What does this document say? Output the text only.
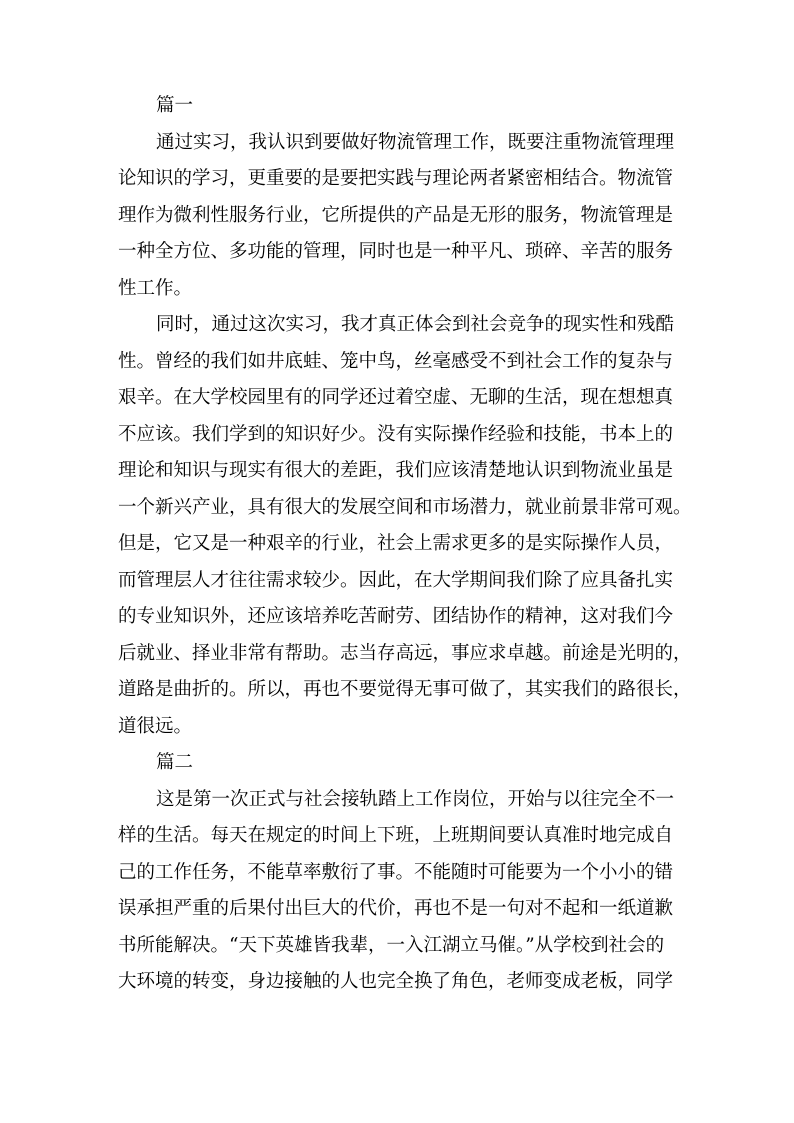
篇一

通过实习，我认识到要做好物流管理工作，既要注重物流管理理
论知识的学习，更重要的是要把实践与理论两者紧密相结合。物流管
理作为微利性服务行业，它所提供的产品是无形的服务，物流管理是
一种全方位、多功能的管理，同时也是一种平凡、琐碎、辛苦的服务
性工作。

同时，通过这次实习，我才真正体会到社会竞争的现实性和残酷
性。曾经的我们如井底蛙、笼中鸟，丝毫感受不到社会工作的复杂与
艰辛。在大学校园里有的同学还过着空虚、无聊的生活，现在想想真
不应该。我们学到的知识好少。没有实际操作经验和技能，书本上的
理论和知识与现实有很大的差距，我们应该清楚地认识到物流业虽是
一个新兴产业，具有很大的发展空间和市场潜力，就业前景非常可观。
但是，它又是一种艰辛的行业，社会上需求更多的是实际操作人员，
而管理层人才往往需求较少。因此，在大学期间我们除了应具备扎实
的专业知识外，还应该培养吃苦耐劳、团结协作的精神，这对我们今
后就业、择业非常有帮助。志当存高远，事应求卓越。前途是光明的，
道路是曲折的。所以，再也不要觉得无事可做了，其实我们的路很长，
道很远。

篇二

这是第一次正式与社会接轨踏上工作岗位，开始与以往完全不一
样的生活。每天在规定的时间上下班，上班期间要认真准时地完成自
己的工作任务，不能草率敷衍了事。不能随时可能要为一个小小的错
误承担严重的后果付出巨大的代价，再也不是一句对不起和一纸道歉
书所能解决。“天下英雄皆我辈，一入江湖立马催。”从学校到社会的
大环境的转变，身边接触的人也完全换了角色，老师变成老板，同学
